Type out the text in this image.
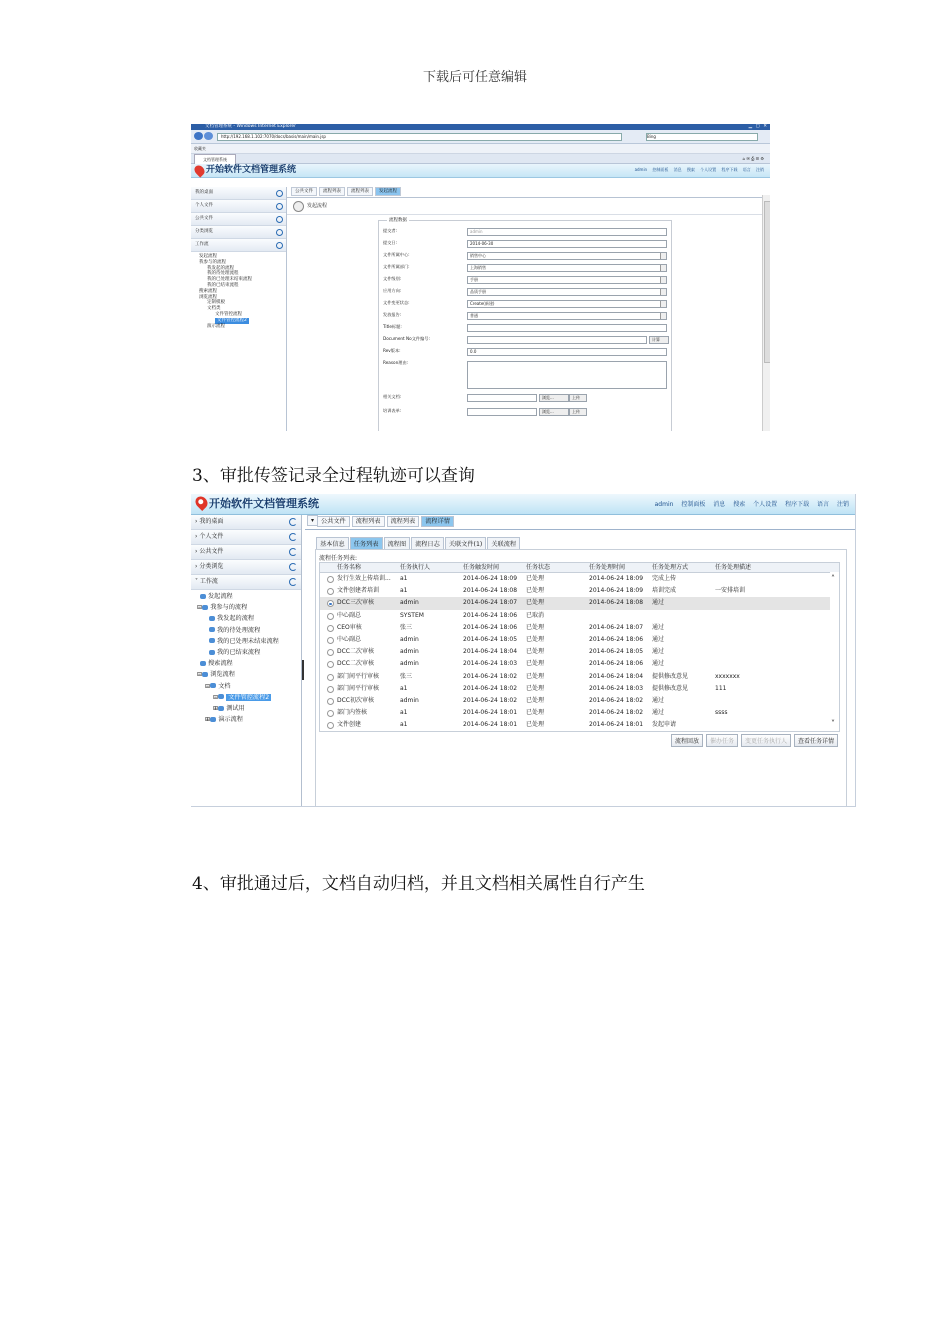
下载后可任意编辑
文档管理系统 - Windows Internet Explorer	▁ ▢ ✕
http://192.168.1.102:7070/docs/basis/main/main.jsp	Bing
收藏夹
文档管理系统	⌂ ✉ ⎙ ☰ ⚙
开始软件文档管理系统	admin 控制面板 消息 搜索 个人设置 程序下载 语言 注销
我的桌面
个人文件
公共文件
分类浏览
工作流
发起流程
我参与的流程
我发起的流程
我的待处理流程
我的已处理未结束流程
我的已结束流程
搜索流程
浏览流程
定制模板
文档类
文件管控流程
文件管控流程2
演示流程
公共文件 流程列表 流程列表 发起流程
发起流程
流程数据
提交者:	admin
提交日:	2014-06-30
文件所属中心:	销售中心
文件所属部门:	上海销售
文件级别:	手册
应用方向:	品质手册
文件变更状态:	Create(新建)
发放报告:	普通
Title标题:
Document No文件编号:	计算
Rev版本:	0.0
Reason理由:
相关文档:	浏览...	上传
培训表单:	浏览...	上传
3、审批传签记录全过程轨迹可以查询
开始软件文档管理系统	admin 控制面板 消息 搜索 个人设置 程序下载 语言 注销
› 我的桌面
› 个人文件
› 公共文件
› 分类浏览
˅ 工作流
发起流程
⊟ 我参与的流程
我发起的流程
我的待处理流程
我的已处理未结束流程
我的已结束流程
搜索流程
⊟ 浏览流程
⊟ 文档
⊟ 文件管控流程2
⊞ 测试用
⊞ 演示流程
▾	公共文件 流程列表 流程列表 流程详情
基本信息 任务列表 流程图 流程日志 关联文件(1) 关联流程
流程任务列表:
任务名称	任务执行人	任务触发时间	任务状态	任务处理时间	任务处理方式	任务处理描述
发行生效上传培训... a1	2014-06-24 18:09 已处理	2014-06-24 18:09 完成上传
文件创建者培训	a1	2014-06-24 18:08 已处理	2014-06-24 18:09 培训完成	一安排培训
DCC三次审核	admin	2014-06-24 18:07 已处理	2014-06-24 18:08 通过
中心副总	SYSTEM	2014-06-24 18:06 已取消
CEO审核	张三	2014-06-24 18:06 已处理	2014-06-24 18:07 通过
中心副总	admin	2014-06-24 18:05 已处理	2014-06-24 18:06 通过
DCC二次审核	admin	2014-06-24 18:04 已处理	2014-06-24 18:05 通过
DCC二次审核	admin	2014-06-24 18:03 已处理	2014-06-24 18:06 通过
部门间平行审核	张三	2014-06-24 18:02 已处理	2014-06-24 18:04 提供修改意见	xxxxxxx
部门间平行审核	a1	2014-06-24 18:02 已处理	2014-06-24 18:03 提供修改意见	111
DCC初次审核	admin	2014-06-24 18:02 已处理	2014-06-24 18:02 通过
部门内签核	a1	2014-06-24 18:01 已处理	2014-06-24 18:02 通过	ssss
文件创建	a1	2014-06-24 18:01 已处理	2014-06-24 18:01 发起申请
˄
˅
流程回放 催办任务 变更任务执行人 查看任务详情
4、审批通过后，文档自动归档，并且文档相关属性自行产生
